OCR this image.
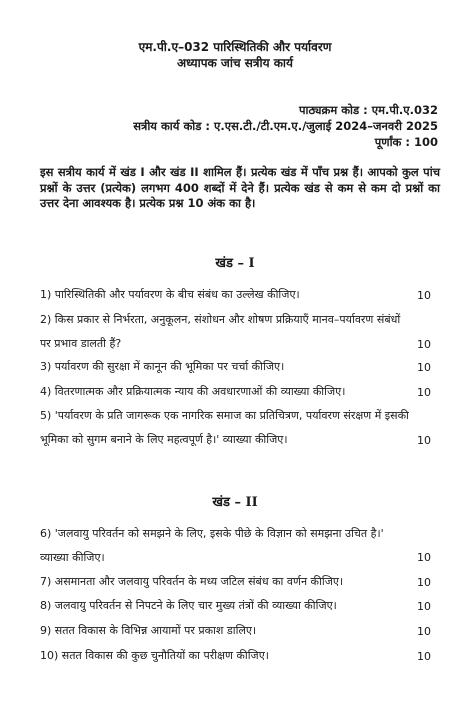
एम.पी.ए–032 पारिस्थितिकी और पर्यावरण
अध्यापक जांच सत्रीय कार्य
पाठ्यक्रम कोड : एम.पी.ए.032
सत्रीय कार्य कोड : ए.एस.टी./टी.एम.ए./जुलाई 2024–जनवरी 2025
पूर्णांक : 100
इस सत्रीय कार्य में खंड I और खंड II शामिल हैं। प्रत्येक खंड में पाँच प्रश्न हैं। आपको कुल पांच प्रश्नों के उत्तर (प्रत्येक) लगभग 400 शब्दों में देने हैं। प्रत्येक खंड से कम से कम दो प्रश्नों का उत्तर देना आवश्यक है। प्रत्येक प्रश्न 10 अंक का है।
खंड – I
1) पारिस्थितिकी और पर्यावरण के बीच संबंध का उल्लेख कीजिए।	10
2) किस प्रकार से निर्भरता, अनुकूलन, संशोधन और शोषण प्रक्रियाएँ मानव–पर्यावरण संबंधों पर प्रभाव डालती हैं?	10
3) पर्यावरण की सुरक्षा में कानून की भूमिका पर चर्चा कीजिए।	10
4) वितरणात्मक और प्रक्रियात्मक न्याय की अवधारणाओं की व्याख्या कीजिए।	10
5) 'पर्यावरण के प्रति जागरूक एक नागरिक समाज का प्रतिचित्रण, पर्यावरण संरक्षण में इसकी भूमिका को सुगम बनाने के लिए महत्वपूर्ण है।' व्याख्या कीजिए।	10
खंड – II
6) 'जलवायु परिवर्तन को समझने के लिए, इसके पीछे के विज्ञान को समझना उचित है।' व्याख्या कीजिए।	10
7) असमानता और जलवायु परिवर्तन के मध्य जटिल संबंध का वर्णन कीजिए।	10
8) जलवायु परिवर्तन से निपटने के लिए चार मुख्य तंत्रों की व्याख्या कीजिए।	10
9) सतत विकास के विभिन्न आयामों पर प्रकाश डालिए।	10
10) सतत विकास की कुछ चुनौतियों का परीक्षण कीजिए।	10
